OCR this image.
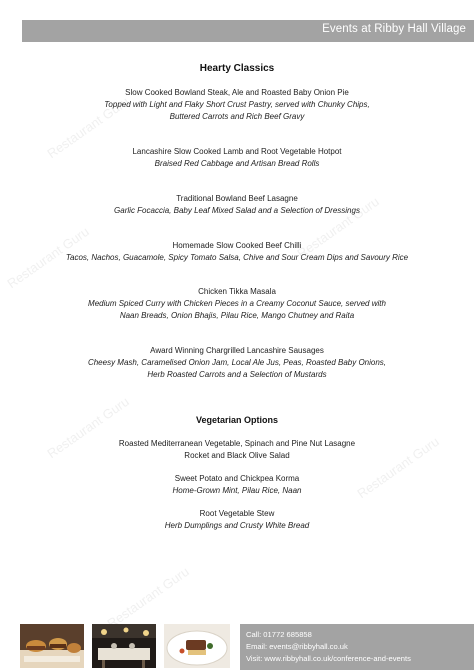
Restaurant Guru
Restaurant Guru	Restaurant Guru
Restaurant Guru
Restaurant Guru
Restaurant Guru
Events at Ribby Hall Village
Hearty Classics
Slow Cooked Bowland Steak, Ale and Roasted Baby Onion Pie
Topped with Light and Flaky Short Crust Pastry, served with Chunky Chips,
Buttered Carrots and Rich Beef Gravy
Lancashire Slow Cooked Lamb and Root Vegetable Hotpot
Braised Red Cabbage and Artisan Bread Rolls
Traditional Bowland Beef Lasagne
Garlic Focaccia, Baby Leaf Mixed Salad and a Selection of Dressings
Homemade Slow Cooked Beef Chilli
Tacos, Nachos, Guacamole, Spicy Tomato Salsa, Chive and Sour Cream Dips and Savoury Rice
Chicken Tikka Masala
Medium Spiced Curry with Chicken Pieces in a Creamy Coconut Sauce, served with
Naan Breads, Onion Bhajis, Pilau Rice, Mango Chutney and Raita
Award Winning Chargrilled Lancashire Sausages
Cheesy Mash, Caramelised Onion Jam, Local Ale Jus, Peas, Roasted Baby Onions,
Herb Roasted Carrots and a Selection of Mustards
Vegetarian Options
Roasted Mediterranean Vegetable, Spinach and Pine Nut Lasagne
Rocket and Black Olive Salad
Sweet Potato and Chickpea Korma
Home-Grown Mint, Pilau Rice, Naan
Root Vegetable Stew
Herb Dumplings and Crusty White Bread
Call: 01772 685858
Email: events@ribbyhall.co.uk
Visit: www.ribbyhall.co.uk/conference-and-events
